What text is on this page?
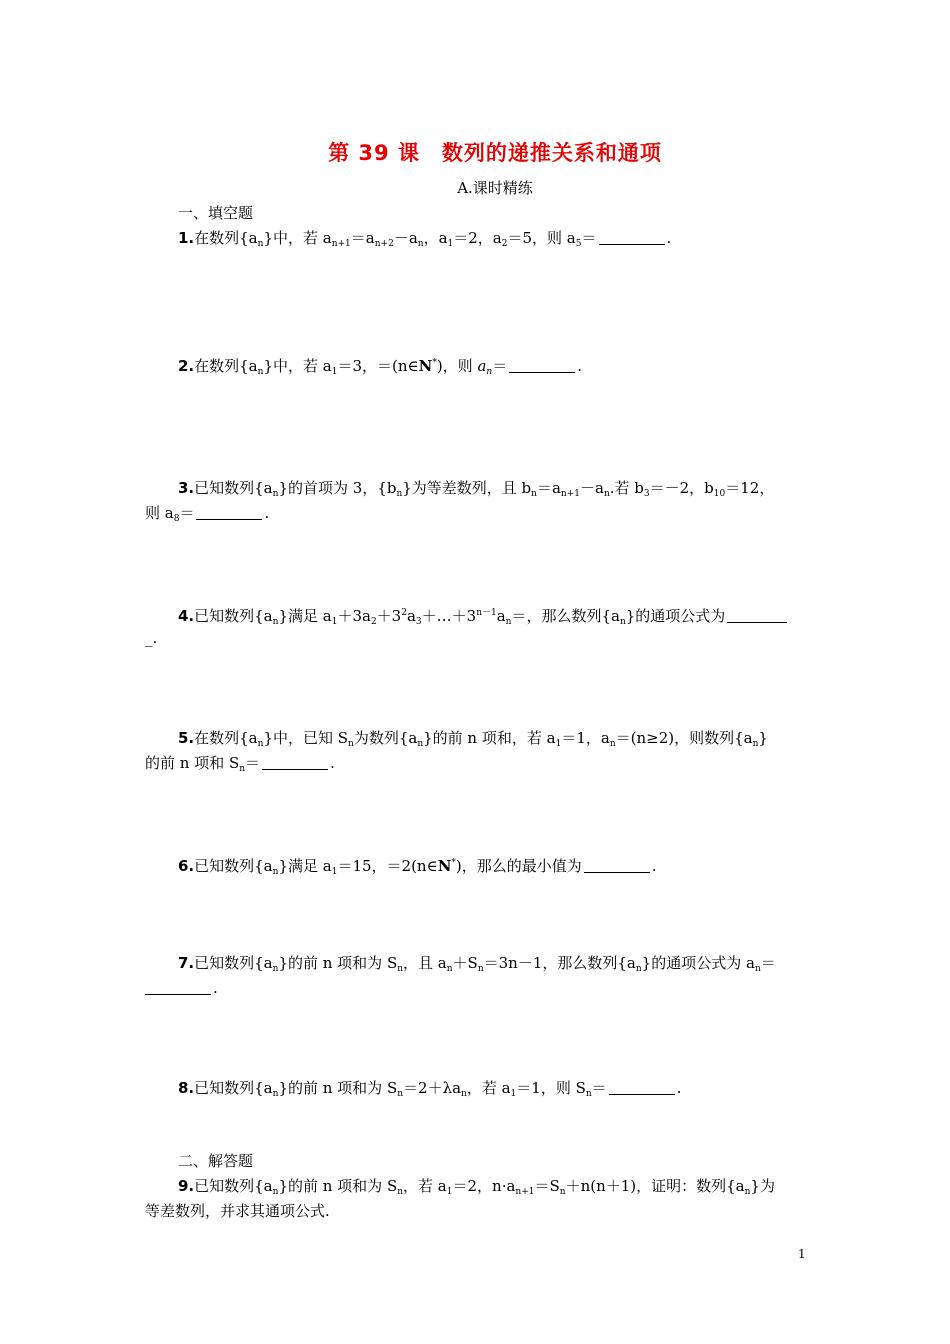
第 39 课 数列的递推关系和通项
A.课时精练
一、填空题
1.在数列$\{a_n\}$中，若 $a_{n+1}=a_{n+2}-a_n$，$a_1=2$，$a_2=5$，则 $a_5=$	.
2.在数列$\{a_n\}$中，若 $a_1=3$，＝(n∈N*)，则 $a_n=$	.
3.已知数列$\{a_n\}$的首项为 3，$\{b_n\}$为等差数列，且 $b_n=a_{n+1}-a_n$.若 $b_3=-2$，$b_{10}=12$，
则 $a_8=$	.
4.已知数列$\{a_n\}$满足 $a_1+3a_2+3^2a_3+\dots+3^{n-1}a_n=$，那么数列$\{a_n\}$的通项公式为
_.
5.在数列$\{a_n\}$中，已知 $S_n$为数列$\{a_n\}$的前 n 项和，若 $a_1=1$，$a_n=(n\ge 2)$，则数列$\{a_n\}$
的前 n 项和 $S_n=$	.
6.已知数列$\{a_n\}$满足 $a_1=15$，＝2(n∈N*)，那么的最小值为	.
7.已知数列$\{a_n\}$的前 n 项和为 $S_n$，且 $a_n+S_n=3n-1$，那么数列$\{a_n\}$的通项公式为 $a_n=$
.
8.已知数列$\{a_n\}$的前 n 项和为 $S_n=2+\lambda a_n$，若 $a_1=1$，则 $S_n=$	.
二、解答题
9.已知数列$\{a_n\}$的前 n 项和为 $S_n$，若 $a_1=2$，$n\cdot a_{n+1}=S_n+n(n+1)$，证明：数列$\{a_n\}$为
等差数列，并求其通项公式.
1
